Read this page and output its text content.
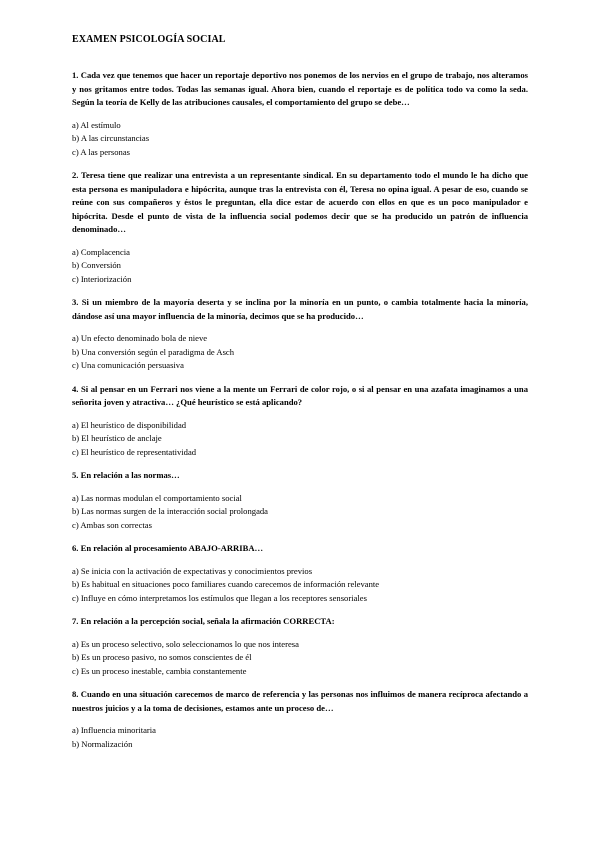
EXAMEN PSICOLOGÍA SOCIAL

1. Cada vez que tenemos que hacer un reportaje deportivo nos ponemos de los nervios en el grupo de trabajo, nos alteramos y nos gritamos entre todos. Todas las semanas igual. Ahora bien, cuando el reportaje es de política todo va como la seda. Según la teoría de Kelly de las atribuciones causales, el comportamiento del grupo se debe…

a) Al estímulo
b) A las circunstancias
c) A las personas

2. Teresa tiene que realizar una entrevista a un representante sindical. En su departamento todo el mundo le ha dicho que esta persona es manipuladora e hipócrita, aunque tras la entrevista con él, Teresa no opina igual. A pesar de eso, cuando se reúne con sus compañeros y éstos le preguntan, ella dice estar de acuerdo con ellos en que es un poco manipulador e hipócrita. Desde el punto de vista de la influencia social podemos decir que se ha producido un patrón de influencia denominado…

a) Complacencia
b) Conversión
c) Interiorización

3. Si un miembro de la mayoría deserta y se inclina por la minoría en un punto, o cambia totalmente hacia la minoría, dándose así una mayor influencia de la minoría, decimos que se ha producido…

a) Un efecto denominado bola de nieve
b) Una conversión según el paradigma de Asch
c) Una comunicación persuasiva

4. Si al pensar en un Ferrari nos viene a la mente un Ferrari de color rojo, o si al pensar en una azafata imaginamos a una señorita joven y atractiva… ¿Qué heurístico se está aplicando?

a) El heurístico de disponibilidad
b) El heurístico de anclaje
c) El heurístico de representatividad

5. En relación a las normas…

a) Las normas modulan el comportamiento social
b) Las normas surgen de la interacción social prolongada
c) Ambas son correctas

6. En relación al procesamiento ABAJO-ARRIBA…

a) Se inicia con la activación de expectativas y conocimientos previos
b) Es habitual en situaciones poco familiares cuando carecemos de información relevante
c) Influye en cómo interpretamos los estímulos que llegan a los receptores sensoriales

7. En relación a la percepción social, señala la afirmación CORRECTA:

a) Es un proceso selectivo, solo seleccionamos lo que nos interesa
b) Es un proceso pasivo, no somos conscientes de él
c) Es un proceso inestable, cambia constantemente

8. Cuando en una situación carecemos de marco de referencia y las personas nos influimos de manera recíproca afectando a nuestros juicios y a la toma de decisiones, estamos ante un proceso de…

a) Influencia minoritaria
b) Normalización
